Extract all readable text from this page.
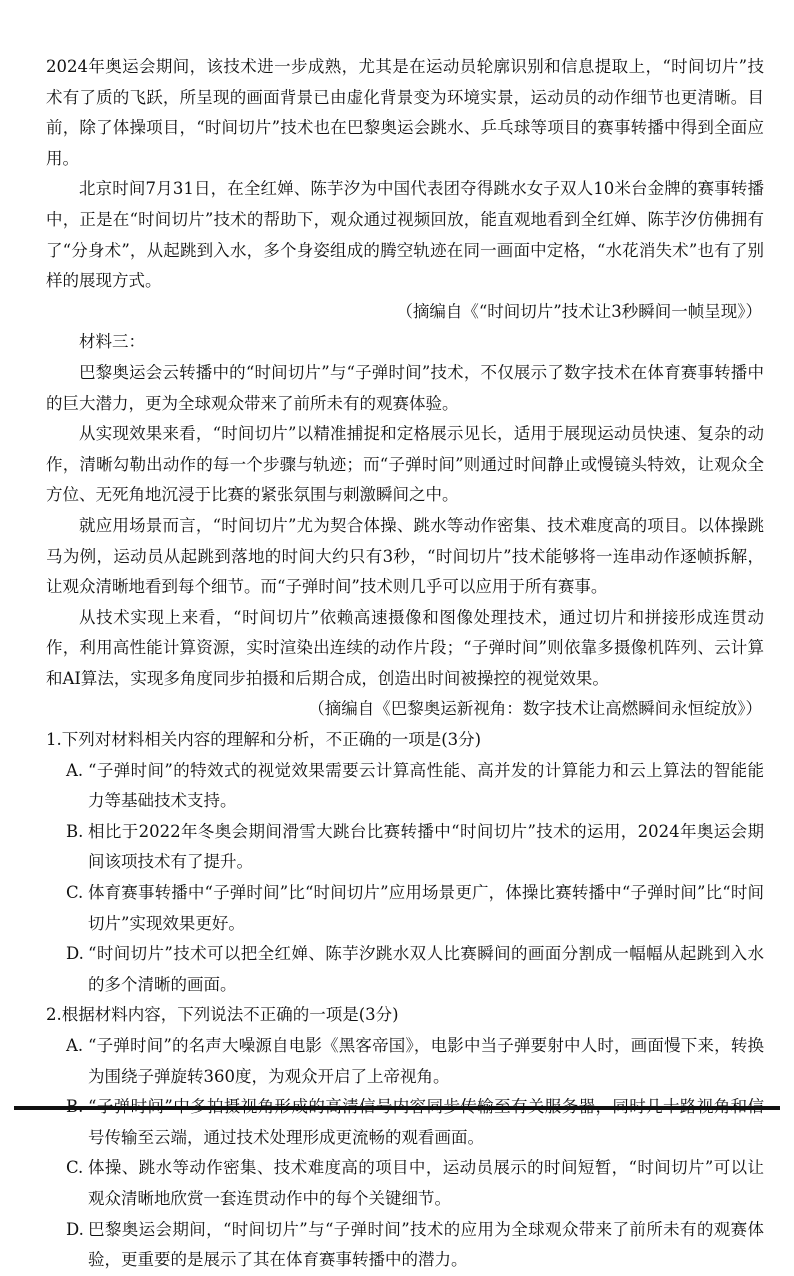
2024年奥运会期间，该技术进一步成熟，尤其是在运动员轮廓识别和信息提取上，“时间切片”技术有了质的飞跃，所呈现的画面背景已由虚化背景变为环境实景，运动员的动作细节也更清晰。目前，除了体操项目，“时间切片”技术也在巴黎奥运会跳水、乒乓球等项目的赛事转播中得到全面应用。

北京时间7月31日，在全红婵、陈芋汐为中国代表团夺得跳水女子双人10米台金牌的赛事转播中，正是在“时间切片”技术的帮助下，观众通过视频回放，能直观地看到全红婵、陈芋汐仿佛拥有了“分身术”，从起跳到入水，多个身姿组成的腾空轨迹在同一画面中定格，“水花消失术”也有了别样的展现方式。

（摘编自《“时间切片”技术让3秒瞬间一帧呈现》）

材料三：

巴黎奥运会云转播中的“时间切片”与“子弹时间”技术，不仅展示了数字技术在体育赛事转播中的巨大潜力，更为全球观众带来了前所未有的观赛体验。

从实现效果来看，“时间切片”以精准捕捉和定格展示见长，适用于展现运动员快速、复杂的动作，清晰勾勒出动作的每一个步骤与轨迹；而“子弹时间”则通过时间静止或慢镜头特效，让观众全方位、无死角地沉浸于比赛的紧张氛围与刺激瞬间之中。

就应用场景而言，“时间切片”尤为契合体操、跳水等动作密集、技术难度高的项目。以体操跳马为例，运动员从起跳到落地的时间大约只有3秒，“时间切片”技术能够将一连串动作逐帧拆解，让观众清晰地看到每个细节。而“子弹时间”技术则几乎可以应用于所有赛事。

从技术实现上来看，“时间切片”依赖高速摄像和图像处理技术，通过切片和拼接形成连贯动作，利用高性能计算资源，实时渲染出连续的动作片段；“子弹时间”则依靠多摄像机阵列、云计算和AI算法，实现多角度同步拍摄和后期合成，创造出时间被操控的视觉效果。

（摘编自《巴黎奥运新视角：数字技术让高燃瞬间永恒绽放》）

1.下列对材料相关内容的理解和分析，不正确的一项是(3分)
A. “子弹时间”的特效式的视觉效果需要云计算高性能、高并发的计算能力和云上算法的智能能力等基础技术支持。
B. 相比于2022年冬奥会期间滑雪大跳台比赛转播中“时间切片”技术的运用，2024年奥运会期间该项技术有了提升。
C. 体育赛事转播中“子弹时间”比“时间切片”应用场景更广，体操比赛转播中“子弹时间”比“时间切片”实现效果更好。
D. “时间切片”技术可以把全红婵、陈芋汐跳水双人比赛瞬间的画面分割成一幅幅从起跳到入水的多个清晰的画面。
2.根据材料内容，下列说法不正确的一项是(3分)
A. “子弹时间”的名声大噪源自电影《黑客帝国》，电影中当子弹要射中人时，画面慢下来，转换为围绕子弹旋转360度，为观众开启了上帝视角。
号传输至云端，通过技术处理形成更流畅的观看画面。
C. 体操、跳水等动作密集、技术难度高的项目中，运动员展示的时间短暂，“时间切片”可以让观众清晰地欣赏一套连贯动作中的每个关键细节。
D. 巴黎奥运会期间，“时间切片”与“子弹时间”技术的应用为全球观众带来了前所未有的观赛体验，更重要的是展示了其在体育赛事转播中的潜力。
